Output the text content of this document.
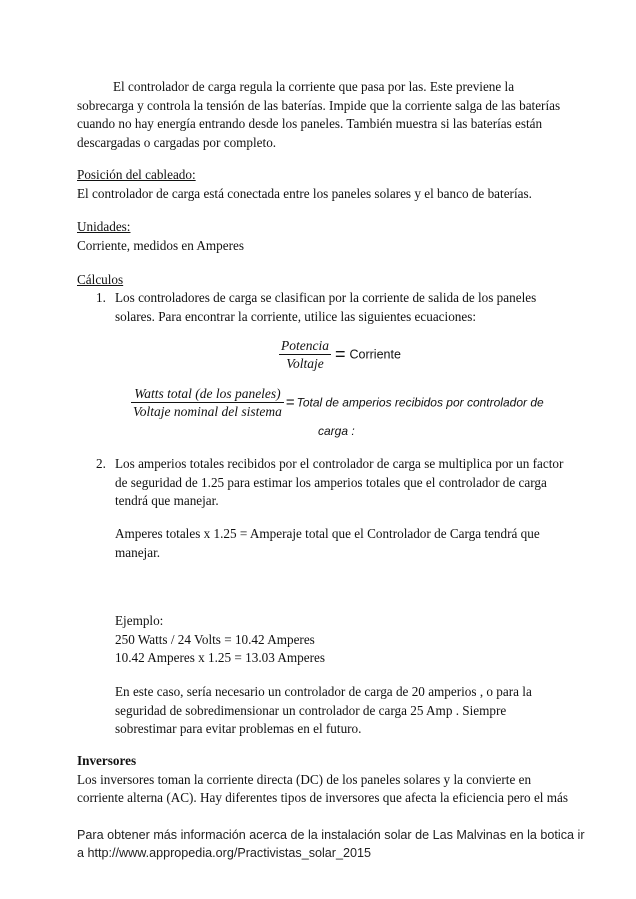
El controlador de carga regula la corriente que pasa por las. Este previene la
sobrecarga y controla la tensión de las baterías. Impide que la corriente salga de las baterías
cuando no hay energía entrando desde los paneles. También muestra si las baterías están
descargadas o cargadas por completo.
Posición del cableado:
El controlador de carga está conectada entre los paneles solares y el banco de baterías.
Unidades:
Corriente, medidos en Amperes
Cálculos
1. Los controladores de carga se clasifican por la corriente de salida de los paneles
solares. Para encontrar la corriente, utilice las siguientes ecuaciones:
$\frac{\text{Potencia}}{\text{Voltaje}}$ = Corriente
$\frac{\text{Watts total (de los paneles)}}{\text{Voltaje nominal del sistema}}$ = Total de amperios recibidos por controlador de
carga :
2. Los amperios totales recibidos por el controlador de carga se multiplica por un factor
de seguridad de 1.25 para estimar los amperios totales que el controlador de carga
tendrá que manejar.
Amperes totales x 1.25 = Amperaje total que el Controlador de Carga tendrá que
manejar.
Ejemplo:
250 Watts / 24 Volts = 10.42 Amperes
10.42 Amperes x 1.25 = 13.03 Amperes
En este caso, sería necesario un controlador de carga de 20 amperios , o para la
seguridad de sobredimensionar un controlador de carga 25 Amp . Siempre
sobrestimar para evitar problemas en el futuro.
Inversores
Los inversores toman la corriente directa (DC) de los paneles solares y la convierte en
corriente alterna (AC). Hay diferentes tipos de inversores que afecta la eficiencia pero el más
Para obtener más información acerca de la instalación solar de Las Malvinas en la botica ir
a http://www.appropedia.org/Practivistas_solar_2015
